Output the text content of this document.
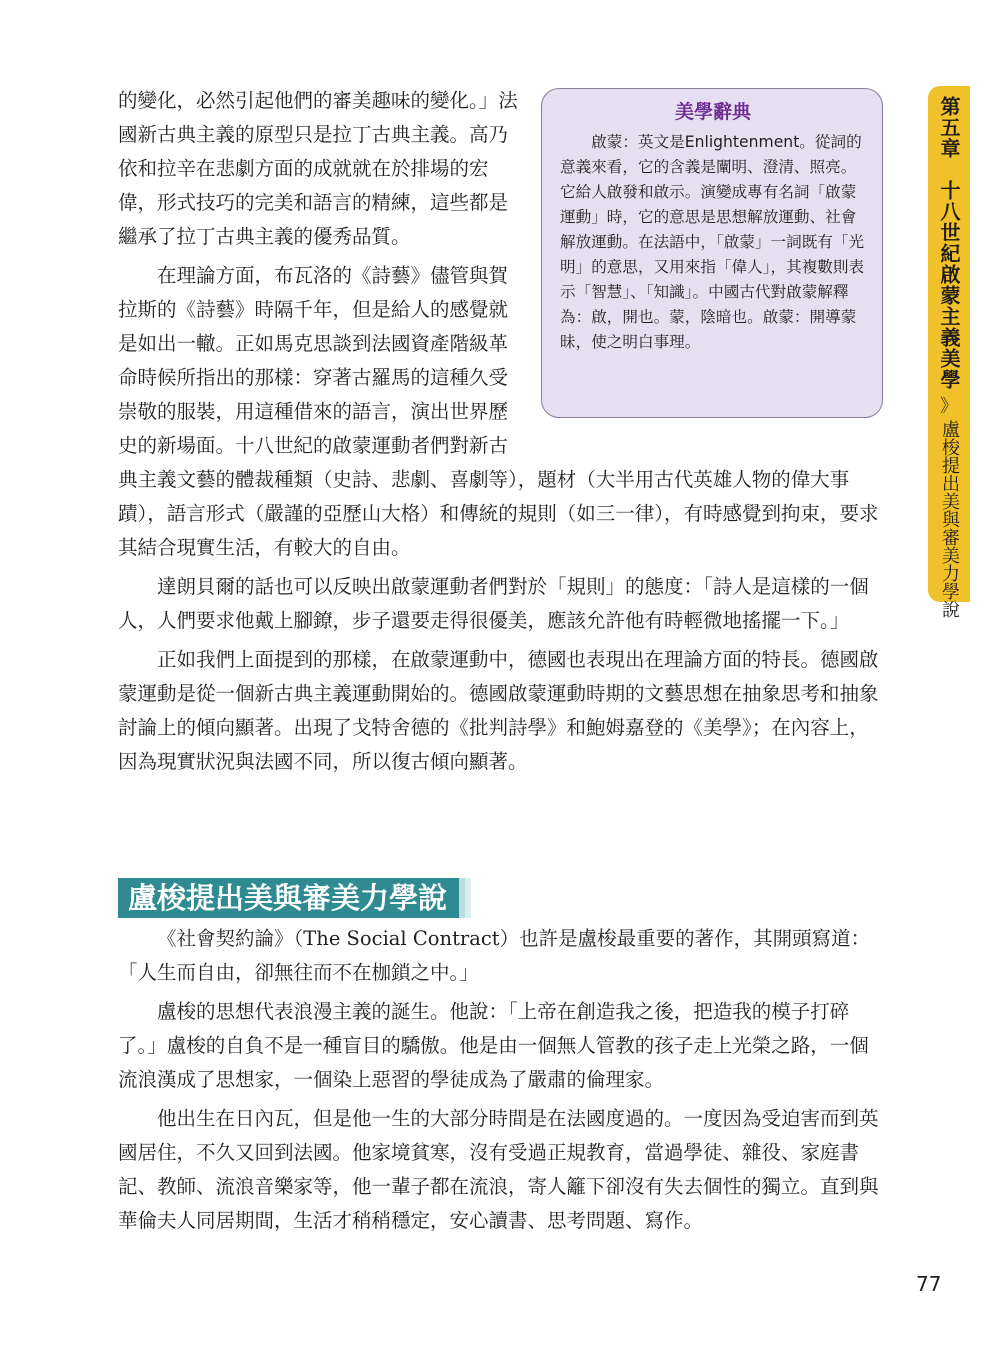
美學辭典

啟蒙：英文是Enlightenment。從詞的意義來看，它的含義是闡明、澄清、照亮。它給人啟發和啟示。演變成專有名詞「啟蒙運動」時，它的意思是思想解放運動、社會解放運動。在法語中，「啟蒙」一詞既有「光明」的意思，又用來指「偉人」，其複數則表示「智慧」、「知識」。中國古代對啟蒙解釋為：啟，開也。蒙，陰暗也。啟蒙：開導蒙昧，使之明白事理。

的變化，必然引起他們的審美趣味的變化。」法國新古典主義的原型只是拉丁古典主義。高乃依和拉辛在悲劇方面的成就就在於排場的宏偉，形式技巧的完美和語言的精練，這些都是繼承了拉丁古典主義的優秀品質。

在理論方面，布瓦洛的《詩藝》儘管與賀拉斯的《詩藝》時隔千年，但是給人的感覺就是如出一轍。正如馬克思談到法國資產階級革命時候所指出的那樣：穿著古羅馬的這種久受崇敬的服裝，用這種借來的語言，演出世界歷史的新場面。十八世紀的啟蒙運動者們對新古典主義文藝的體裁種類（史詩、悲劇、喜劇等），題材（大半用古代英雄人物的偉大事蹟），語言形式（嚴謹的亞歷山大格）和傳統的規則（如三一律），有時感覺到拘束，要求其結合現實生活，有較大的自由。

達朗貝爾的話也可以反映出啟蒙運動者們對於「規則」的態度：「詩人是這樣的一個人，人們要求他戴上腳鐐，步子還要走得很優美，應該允許他有時輕微地搖擺一下。」

正如我們上面提到的那樣，在啟蒙運動中，德國也表現出在理論方面的特長。德國啟蒙運動是從一個新古典主義運動開始的。德國啟蒙運動時期的文藝思想在抽象思考和抽象討論上的傾向顯著。出現了戈特舍德的《批判詩學》和鮑姆嘉登的《美學》；在內容上，因為現實狀況與法國不同，所以復古傾向顯著。

盧梭提出美與審美力學說

《社會契約論》（The Social Contract）也許是盧梭最重要的著作，其開頭寫道：「人生而自由，卻無往而不在枷鎖之中。」

盧梭的思想代表浪漫主義的誕生。他說：「上帝在創造我之後，把造我的模子打碎了。」盧梭的自負不是一種盲目的驕傲。他是由一個無人管教的孩子走上光榮之路，一個流浪漢成了思想家，一個染上惡習的學徒成為了嚴肅的倫理家。

他出生在日內瓦，但是他一生的大部分時間是在法國度過的。一度因為受迫害而到英國居住，不久又回到法國。他家境貧寒，沒有受過正規教育，當過學徒、雜役、家庭書記、教師、流浪音樂家等，他一輩子都在流浪，寄人籬下卻沒有失去個性的獨立。直到與華倫夫人同居期間，生活才稍稍穩定，安心讀書、思考問題、寫作。

第五章　十八世紀啟蒙主義美學
》
盧梭提出美與審美力學說
77
